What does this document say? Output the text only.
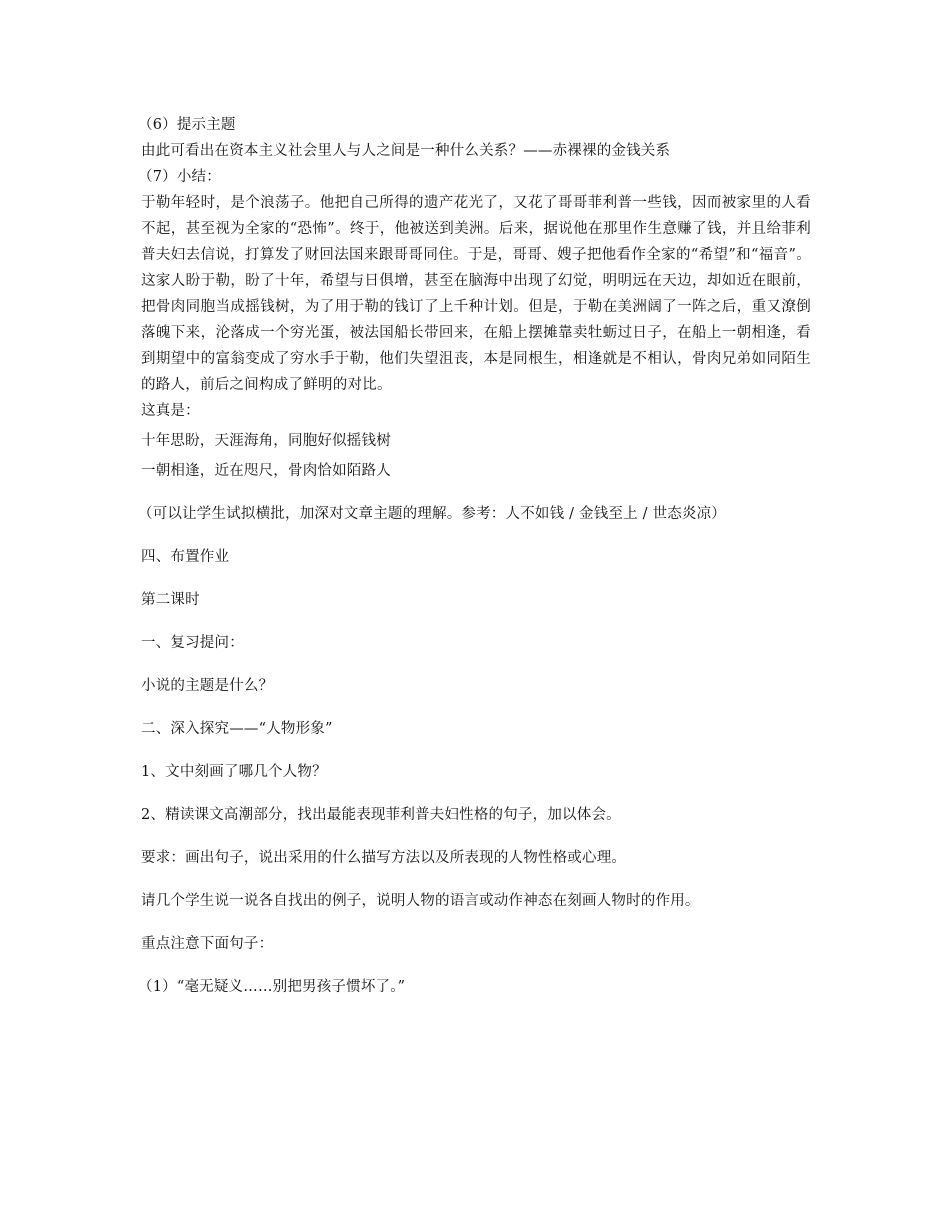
（6）提示主题
由此可看出在资本主义社会里人与人之间是一种什么关系？——赤裸裸的金钱关系
（7）小结：
于勒年轻时，是个浪荡子。他把自己所得的遗产花光了，又花了哥哥菲利普一些钱，因而被家里的人看不起，甚至视为全家的“恐怖”。终于，他被送到美洲。后来，据说他在那里作生意赚了钱，并且给菲利普夫妇去信说，打算发了财回法国来跟哥哥同住。于是，哥哥、嫂子把他看作全家的“希望”和“福音”。这家人盼于勒，盼了十年，希望与日俱增，甚至在脑海中出现了幻觉，明明远在天边，却如近在眼前，把骨肉同胞当成摇钱树，为了用于勒的钱订了上千种计划。但是，于勒在美洲阔了一阵之后，重又潦倒落魄下来，沦落成一个穷光蛋，被法国船长带回来，在船上摆摊靠卖牡蛎过日子，在船上一朝相逢，看到期望中的富翁变成了穷水手于勒，他们失望沮丧，本是同根生，相逢就是不相认，骨肉兄弟如同陌生的路人，前后之间构成了鲜明的对比。
这真是：
十年思盼，天涯海角，同胞好似摇钱树
一朝相逢，近在咫尺，骨肉恰如陌路人
（可以让学生试拟横批，加深对文章主题的理解。参考：人不如钱 / 金钱至上 / 世态炎凉）
四、布置作业
第二课时
一、复习提问：
小说的主题是什么？
二、深入探究——“人物形象”
1、文中刻画了哪几个人物？
2、精读课文高潮部分，找出最能表现菲利普夫妇性格的句子，加以体会。
要求：画出句子，说出采用的什么描写方法以及所表现的人物性格或心理。
请几个学生说一说各自找出的例子，说明人物的语言或动作神态在刻画人物时的作用。
重点注意下面句子：
（1）“毫无疑义……别把男孩子惯坏了。”
